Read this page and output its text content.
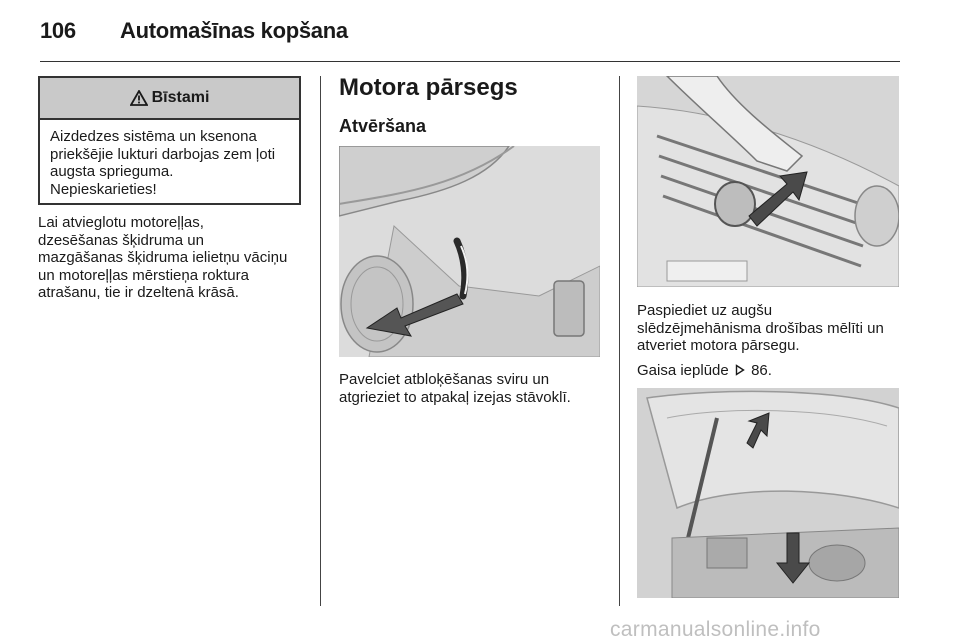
106 Automašīnas kopšana
Bīstami
Aizdedzes sistēma un ksenona
priekšējie lukturi darbojas zem ļoti
augsta sprieguma.
Nepieskarieties!
Lai atvieglotu motoreļļas,
dzesēšanas šķidruma un
mazgāšanas šķidruma ielietņu vāciņu
un motoreļļas mērstieņa roktura
atrašanu, tie ir dzeltenā krāsā.
Motora pārsegs
Atvēršana
Pavelciet atbloķēšanas sviru un
atgrieziet to atpakaļ izejas stāvoklī.
Paspiediet uz augšu
slēdzējmehānisma drošības mēlīti un
atveriet motora pārsegu.
Gaisa ieplūde 86.
carmanualsonline.info
